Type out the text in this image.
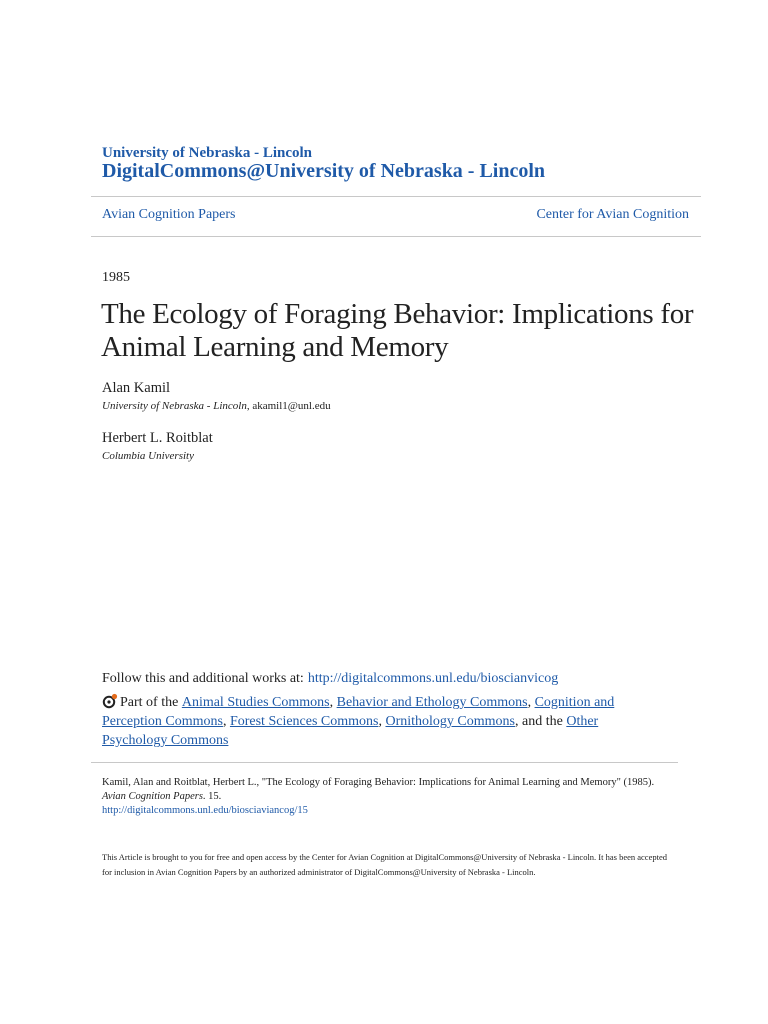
University of Nebraska - Lincoln
DigitalCommons@University of Nebraska - Lincoln
Avian Cognition Papers	Center for Avian Cognition
1985
The Ecology of Foraging Behavior: Implications for Animal Learning and Memory
Alan Kamil
University of Nebraska - Lincoln, akamil1@unl.edu
Herbert L. Roitblat
Columbia University
Follow this and additional works at: http://digitalcommons.unl.edu/bioscianvicog
Part of the Animal Studies Commons, Behavior and Ethology Commons, Cognition and Perception Commons, Forest Sciences Commons, Ornithology Commons, and the Other Psychology Commons
Kamil, Alan and Roitblat, Herbert L., "The Ecology of Foraging Behavior: Implications for Animal Learning and Memory" (1985).
Avian Cognition Papers. 15.
http://digitalcommons.unl.edu/biosciaviancog/15
This Article is brought to you for free and open access by the Center for Avian Cognition at DigitalCommons@University of Nebraska - Lincoln. It has been accepted for inclusion in Avian Cognition Papers by an authorized administrator of DigitalCommons@University of Nebraska - Lincoln.
